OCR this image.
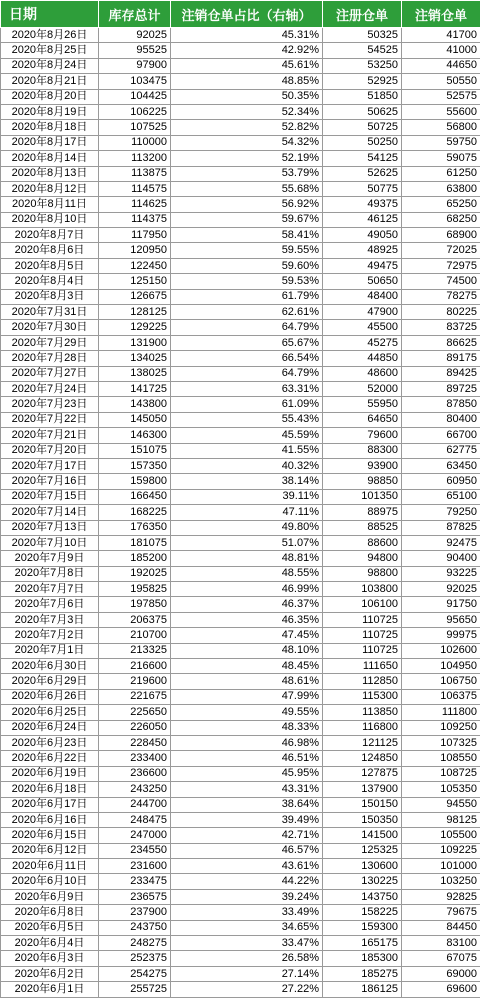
日期	库存总计	注销仓单占比（右轴）	注册仓单	注销仓单
2020年8月26日	92025	45.31%	50325	41700
2020年8月25日	95525	42.92%	54525	41000
2020年8月24日	97900	45.61%	53250	44650
2020年8月21日	103475	48.85%	52925	50550
2020年8月20日	104425	50.35%	51850	52575
2020年8月19日	106225	52.34%	50625	55600
2020年8月18日	107525	52.82%	50725	56800
2020年8月17日	110000	54.32%	50250	59750
2020年8月14日	113200	52.19%	54125	59075
2020年8月13日	113875	53.79%	52625	61250
2020年8月12日	114575	55.68%	50775	63800
2020年8月11日	114625	56.92%	49375	65250
2020年8月10日	114375	59.67%	46125	68250
2020年8月7日	117950	58.41%	49050	68900
2020年8月6日	120950	59.55%	48925	72025
2020年8月5日	122450	59.60%	49475	72975
2020年8月4日	125150	59.53%	50650	74500
2020年8月3日	126675	61.79%	48400	78275
2020年7月31日	128125	62.61%	47900	80225
2020年7月30日	129225	64.79%	45500	83725
2020年7月29日	131900	65.67%	45275	86625
2020年7月28日	134025	66.54%	44850	89175
2020年7月27日	138025	64.79%	48600	89425
2020年7月24日	141725	63.31%	52000	89725
2020年7月23日	143800	61.09%	55950	87850
2020年7月22日	145050	55.43%	64650	80400
2020年7月21日	146300	45.59%	79600	66700
2020年7月20日	151075	41.55%	88300	62775
2020年7月17日	157350	40.32%	93900	63450
2020年7月16日	159800	38.14%	98850	60950
2020年7月15日	166450	39.11%	101350	65100
2020年7月14日	168225	47.11%	88975	79250
2020年7月13日	176350	49.80%	88525	87825
2020年7月10日	181075	51.07%	88600	92475
2020年7月9日	185200	48.81%	94800	90400
2020年7月8日	192025	48.55%	98800	93225
2020年7月7日	195825	46.99%	103800	92025
2020年7月6日	197850	46.37%	106100	91750
2020年7月3日	206375	46.35%	110725	95650
2020年7月2日	210700	47.45%	110725	99975
2020年7月1日	213325	48.10%	110725	102600
2020年6月30日	216600	48.45%	111650	104950
2020年6月29日	219600	48.61%	112850	106750
2020年6月26日	221675	47.99%	115300	106375
2020年6月25日	225650	49.55%	113850	111800
2020年6月24日	226050	48.33%	116800	109250
2020年6月23日	228450	46.98%	121125	107325
2020年6月22日	233400	46.51%	124850	108550
2020年6月19日	236600	45.95%	127875	108725
2020年6月18日	243250	43.31%	137900	105350
2020年6月17日	244700	38.64%	150150	94550
2020年6月16日	248475	39.49%	150350	98125
2020年6月15日	247000	42.71%	141500	105500
2020年6月12日	234550	46.57%	125325	109225
2020年6月11日	231600	43.61%	130600	101000
2020年6月10日	233475	44.22%	130225	103250
2020年6月9日	236575	39.24%	143750	92825
2020年6月8日	237900	33.49%	158225	79675
2020年6月5日	243750	34.65%	159300	84450
2020年6月4日	248275	33.47%	165175	83100
2020年6月3日	252375	26.58%	185300	67075
2020年6月2日	254275	27.14%	185275	69000
2020年6月1日	255725	27.22%	186125	69600
